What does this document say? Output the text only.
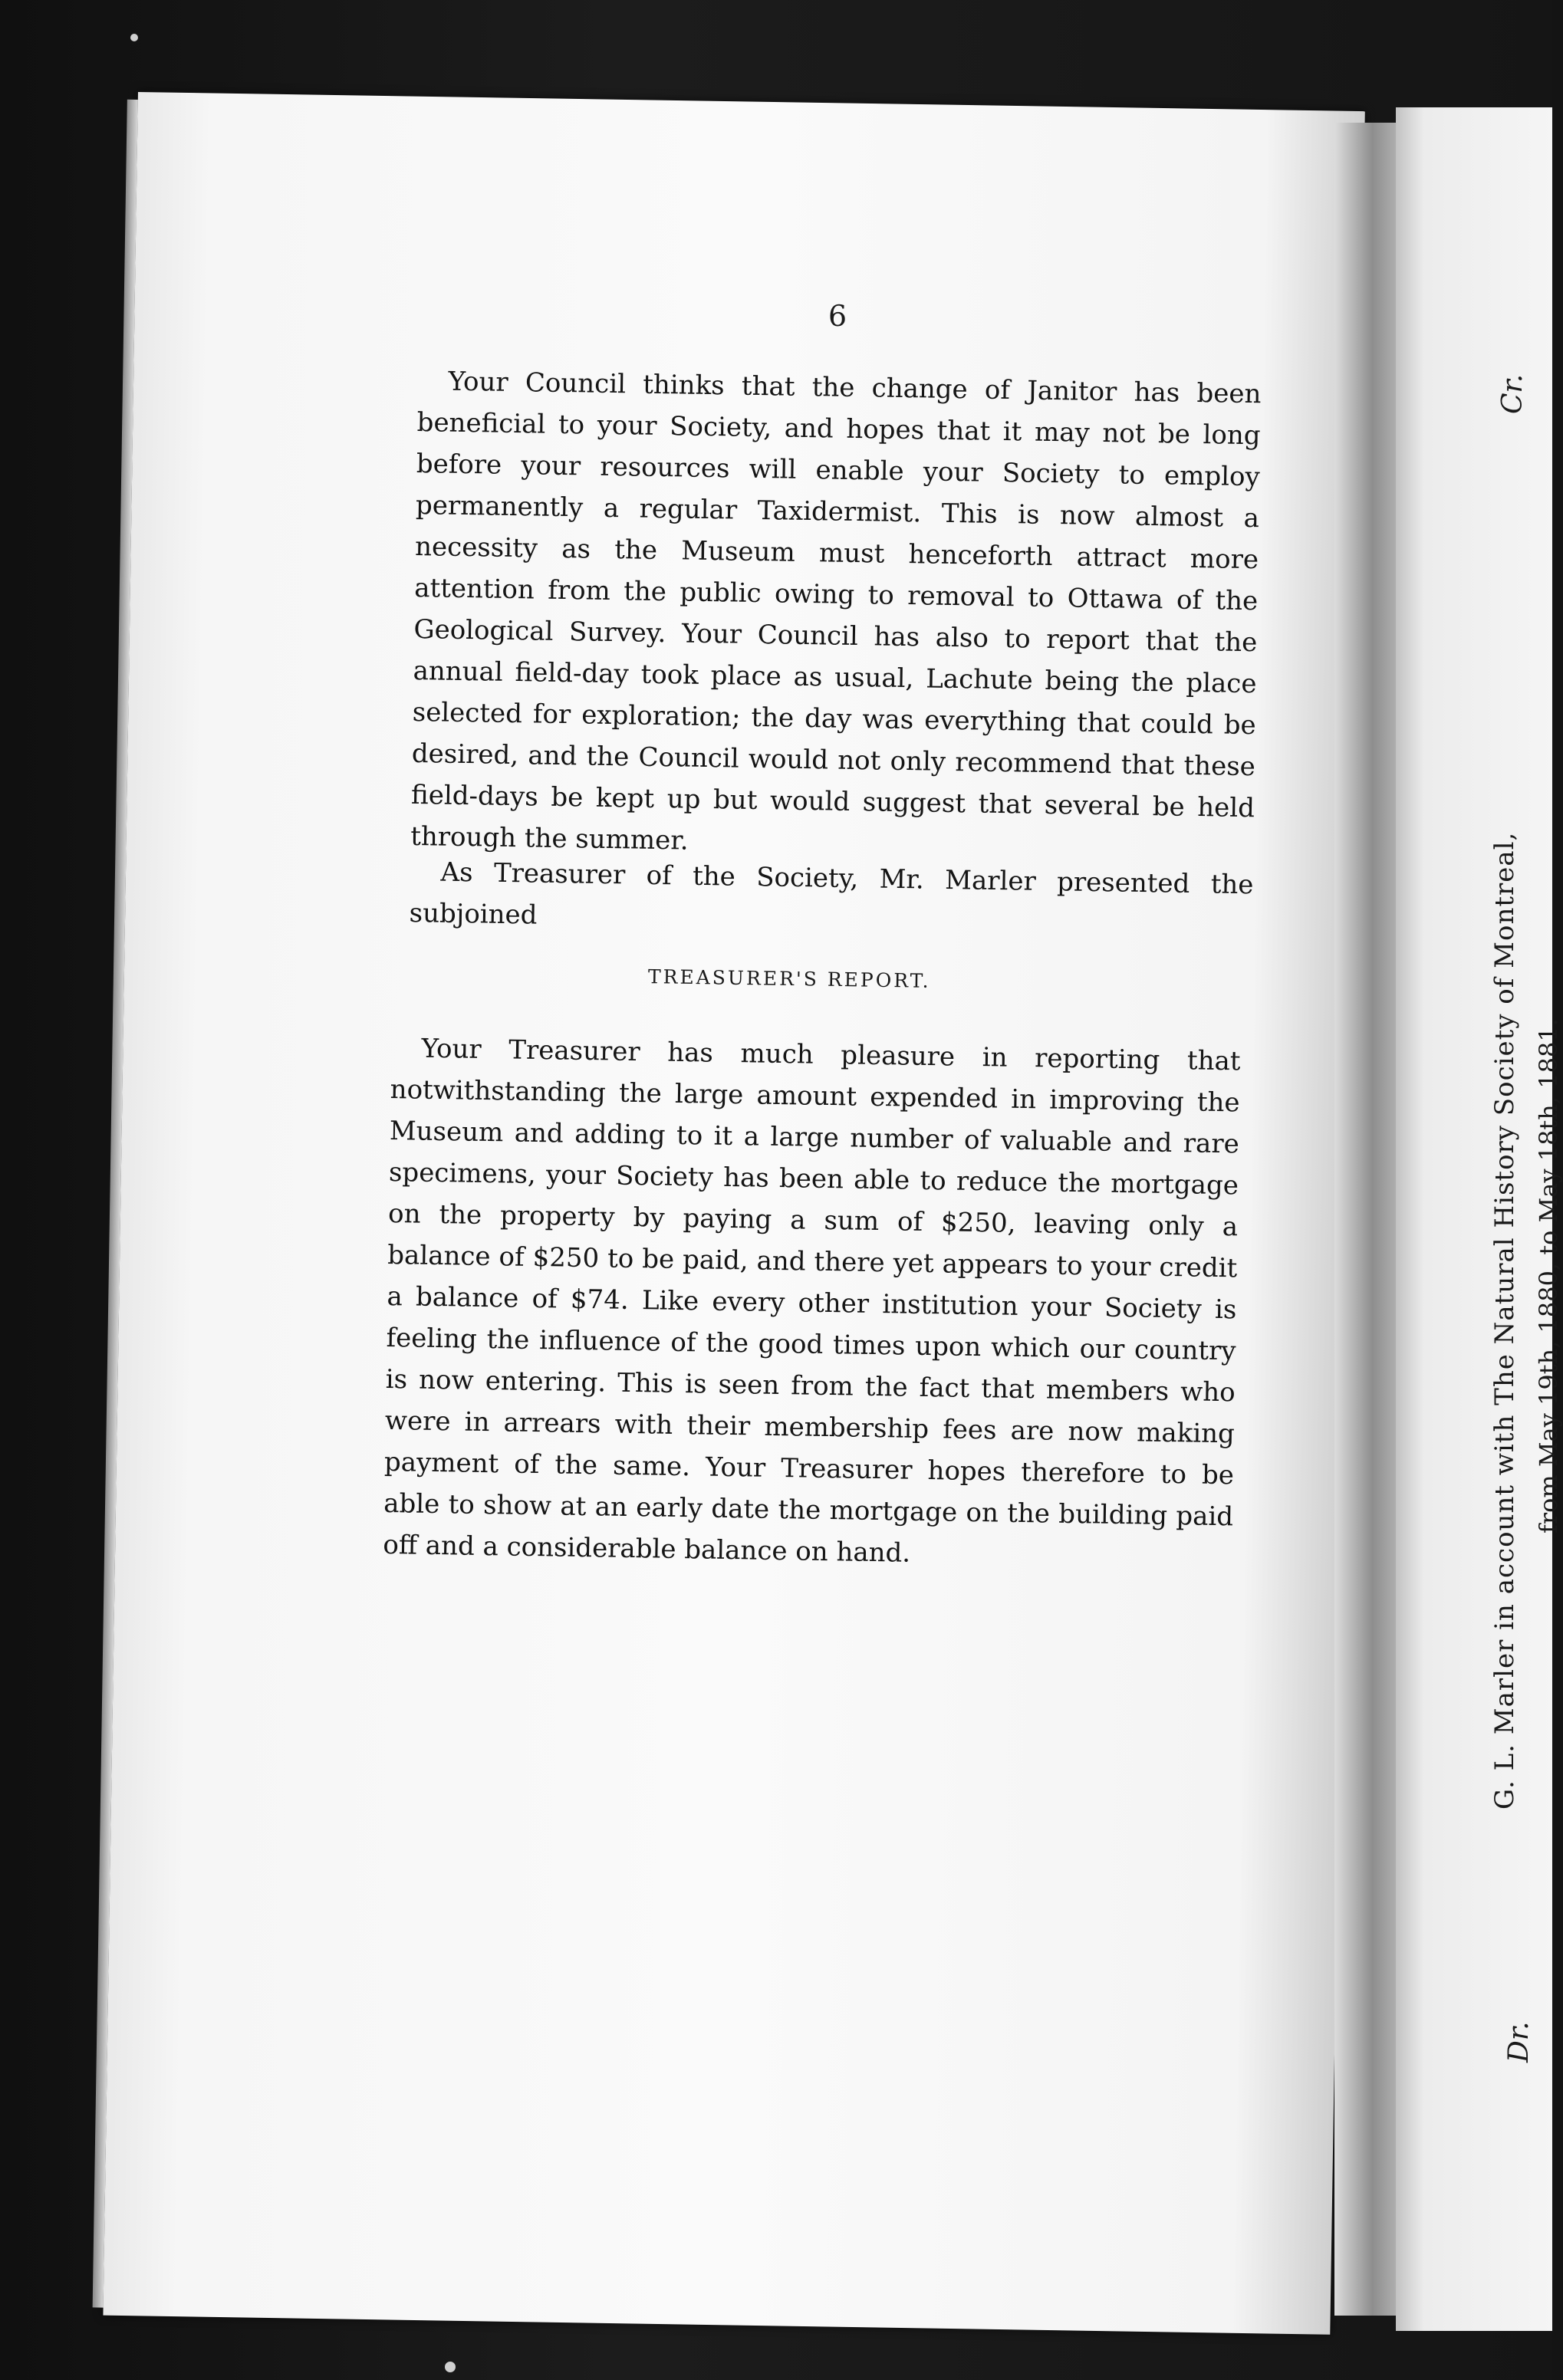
6

Your Council thinks that the change of Janitor has been beneficial to your Society, and hopes that it may not be long before your resources will enable your Society to employ permanently a regular Taxidermist. This is now almost a necessity as the Museum must henceforth attract more attention from the public owing to removal to Ottawa of the Geological Survey. Your Council has also to report that the annual field-day took place as usual, Lachute being the place selected for exploration; the day was everything that could be desired, and the Council would not only recommend that these field-days be kept up but would suggest that several be held through the summer.

As Treasurer of the Society, Mr. Marler presented the subjoined

TREASURER'S REPORT.

Your Treasurer has much pleasure in reporting that notwithstanding the large amount expended in improving the Museum and adding to it a large number of valuable and rare specimens, your Society has been able to reduce the mortgage on the property by paying a sum of $250, leaving only a balance of $250 to be paid, and there yet appears to your credit a balance of $74. Like every other institution your Society is feeling the influence of the good times upon which our country is now entering. This is seen from the fact that members who were in arrears with their membership fees are now making payment of the same. Your Treasurer hopes therefore to be able to show at an early date the mortgage on the building paid off and a considerable balance on hand.

Cr.
G. L. Marler in account with The Natural History Society of Montreal, from May 19th, 1880, to May 18th, 1881.
Dr.
